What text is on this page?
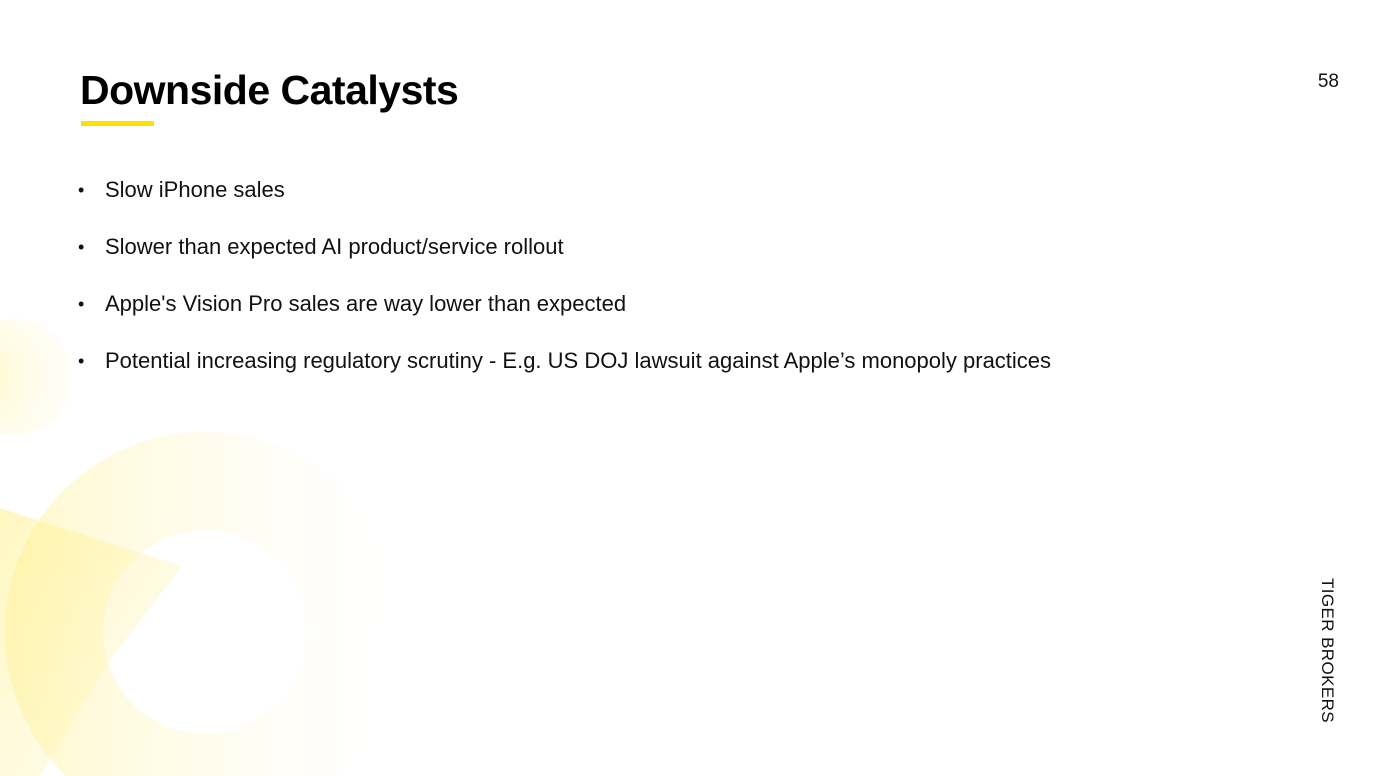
Downside Catalysts	58
• Slow iPhone sales
• Slower than expected AI product/service rollout
• Apple's Vision Pro sales are way lower than expected
• Potential increasing regulatory scrutiny - E.g. US DOJ lawsuit against Apple’s monopoly practices
TIGER BROKERS
